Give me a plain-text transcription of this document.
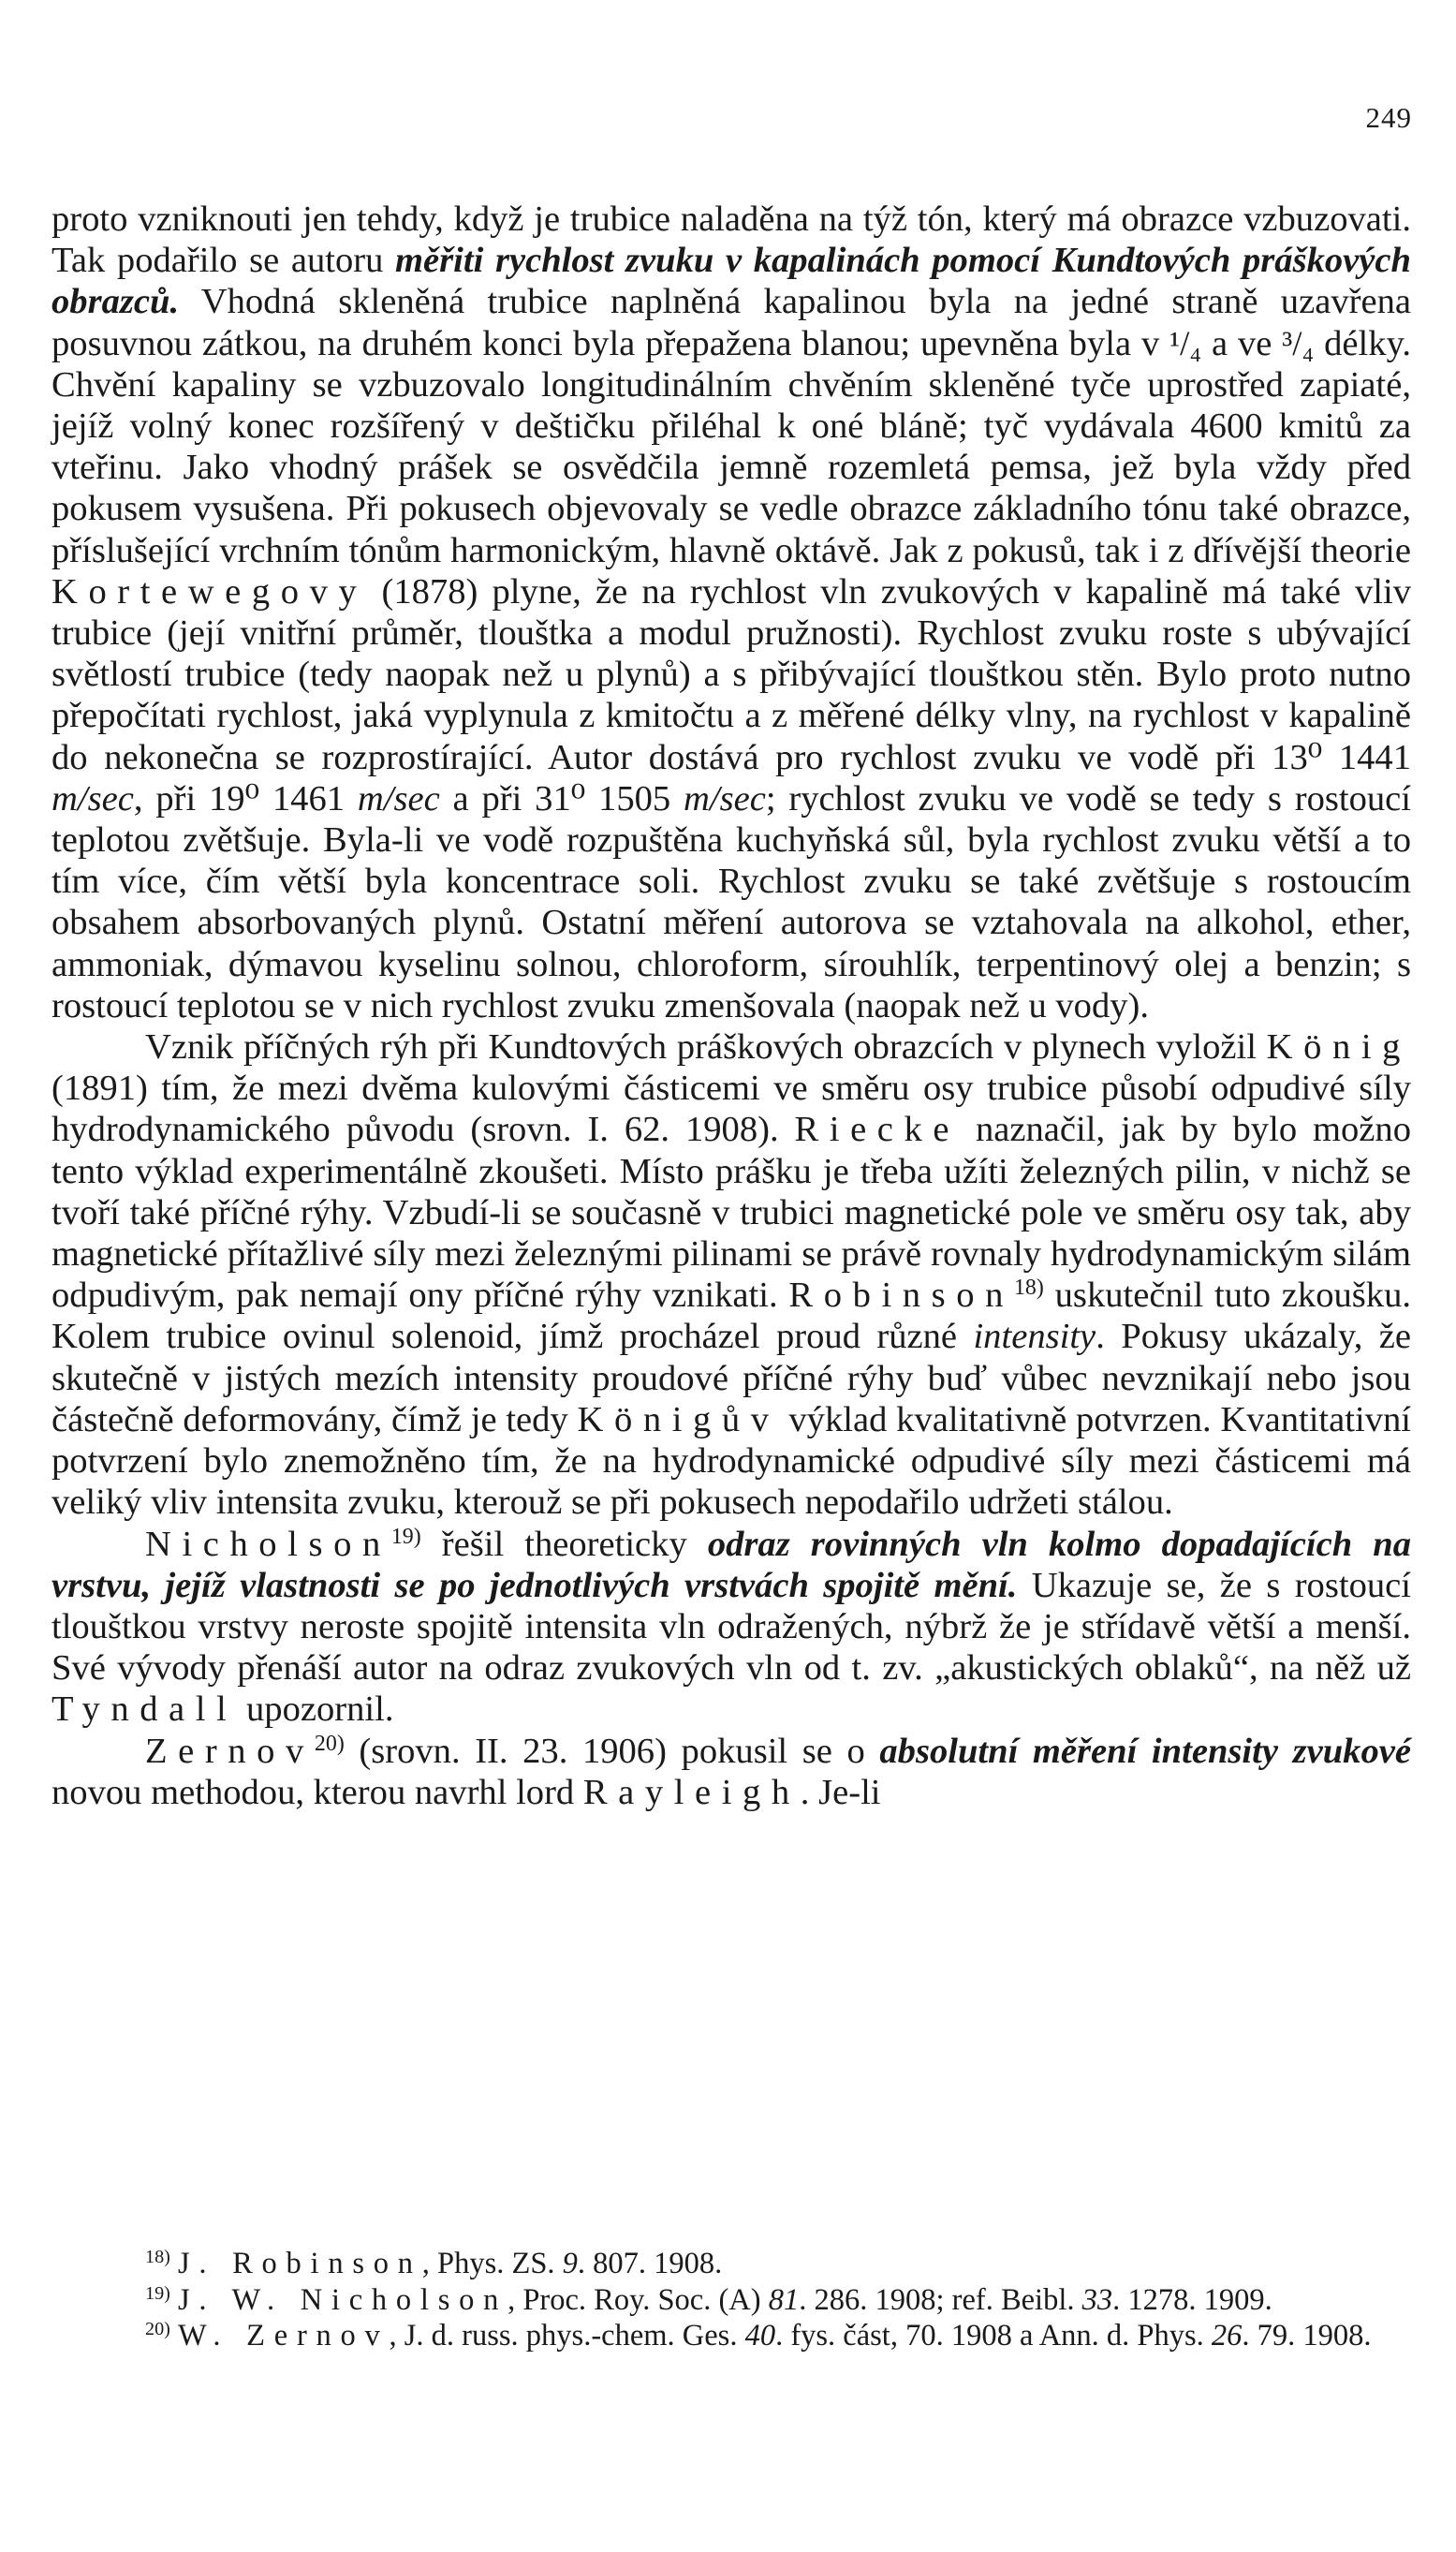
249

proto vzniknouti jen tehdy, když je trubice naladěna na týž tón, který má obrazce vzbuzovati. Tak podařilo se autoru měřiti rychlost zvuku v kapalinách pomocí Kundtových práškových obrazců. Vhodná skleněná trubice naplněná kapalinou byla na jedné straně uzavřena posuvnou zátkou, na druhém konci byla přepažena blanou; upevněna byla v ¹/₄ a ve ³/₄ délky. Chvění kapaliny se vzbuzovalo longitudinálním chvěním skleněné tyče uprostřed zapiaté, jejíž volný konec rozšířený v deštičku přiléhal k oné bláně; tyč vydávala 4600 kmitů za vteřinu. Jako vhodný prášek se osvědčila jemně rozemletá pemsa, jež byla vždy před pokusem vysušena. Při pokusech objevovaly se vedle obrazce základního tónu také obrazce, příslušející vrchním tónům harmonickým, hlavně oktávě. Jak z pokusů, tak i z dřívější theorie Kortewegovy (1878) plyne, že na rychlost vln zvukových v kapalině má také vliv trubice (její vnitřní průměr, tlouštka a modul pružnosti). Rychlost zvuku roste s ubývající světlostí trubice (tedy naopak než u plynů) a s přibývající tlouštkou stěn. Bylo proto nutno přepočítati rychlost, jaká vyplynula z kmitočtu a z měřené délky vlny, na rychlost v kapalině do nekonečna se rozprostírající. Autor dostává pro rychlost zvuku ve vodě při 13⁰ 1441 m/sec, při 19⁰ 1461 m/sec a při 31⁰ 1505 m/sec; rychlost zvuku ve vodě se tedy s rostoucí teplotou zvětšuje. Byla-li ve vodě rozpuštěna kuchyňská sůl, byla rychlost zvuku větší a to tím více, čím větší byla koncentrace soli. Rychlost zvuku se také zvětšuje s rostoucím obsahem absorbovaných plynů. Ostatní měření autorova se vztahovala na alkohol, ether, ammoniak, dýmavou kyselinu solnou, chloroform, sírouhlík, terpentinový olej a benzin; s rostoucí teplotou se v nich rychlost zvuku zmenšovala (naopak než u vody).

Vznik příčných rýh při Kundtových práškových obrazcích v plynech vyložil König (1891) tím, že mezi dvěma kulovými částicemi ve směru osy trubice působí odpudivé síly hydrodynamického původu (srovn. I. 62. 1908). Riecke naznačil, jak by bylo možno tento výklad experimentálně zkoušeti. Místo prášku je třeba užíti železných pilin, v nichž se tvoří také příčné rýhy. Vzbudí-li se současně v trubici magnetické pole ve směru osy tak, aby magnetické přítažlivé síly mezi železnými pilinami se právě rovnaly hydrodynamickým silám odpudivým, pak nemají ony příčné rýhy vznikati. Robinson$^{18)}$ uskutečnil tuto zkoušku. Kolem trubice ovinul solenoid, jímž procházel proud různé intensity. Pokusy ukázaly, že skutečně v jistých mezích intensity proudové příčné rýhy buď vůbec nevznikají nebo jsou částečně deformovány, čímž je tedy Königův výklad kvalitativně potvrzen. Kvantitativní potvrzení bylo znemožněno tím, že na hydrodynamické odpudivé síly mezi částicemi má veliký vliv intensita zvuku, kterouž se při pokusech nepodařilo udržeti stálou.

Nicholson$^{19)}$ řešil theoreticky odraz rovinných vln kolmo dopadajících na vrstvu, jejíž vlastnosti se po jednotlivých vrstvách spojitě mění. Ukazuje se, že s rostoucí tlouštkou vrstvy neroste spojitě intensita vln odražených, nýbrž že je střídavě větší a menší. Své vývody přenáší autor na odraz zvukových vln od t. zv. „akustických oblaků“, na něž už Tyndall upozornil.

Zernov$^{20)}$ (srovn. II. 23. 1906) pokusil se o absolutní měření intensity zvukové novou methodou, kterou navrhl lord Rayleigh. Je-li

$^{18)}$ J. Robinson, Phys. ZS. 9. 807. 1908.

$^{19)}$ J. W. Nicholson, Proc. Roy. Soc. (A) 81. 286. 1908; ref. Beibl. 33. 1278. 1909.

$^{20)}$ W. Zernov, J. d. russ. phys.-chem. Ges. 40. fys. část, 70. 1908 a Ann. d. Phys. 26. 79. 1908.
